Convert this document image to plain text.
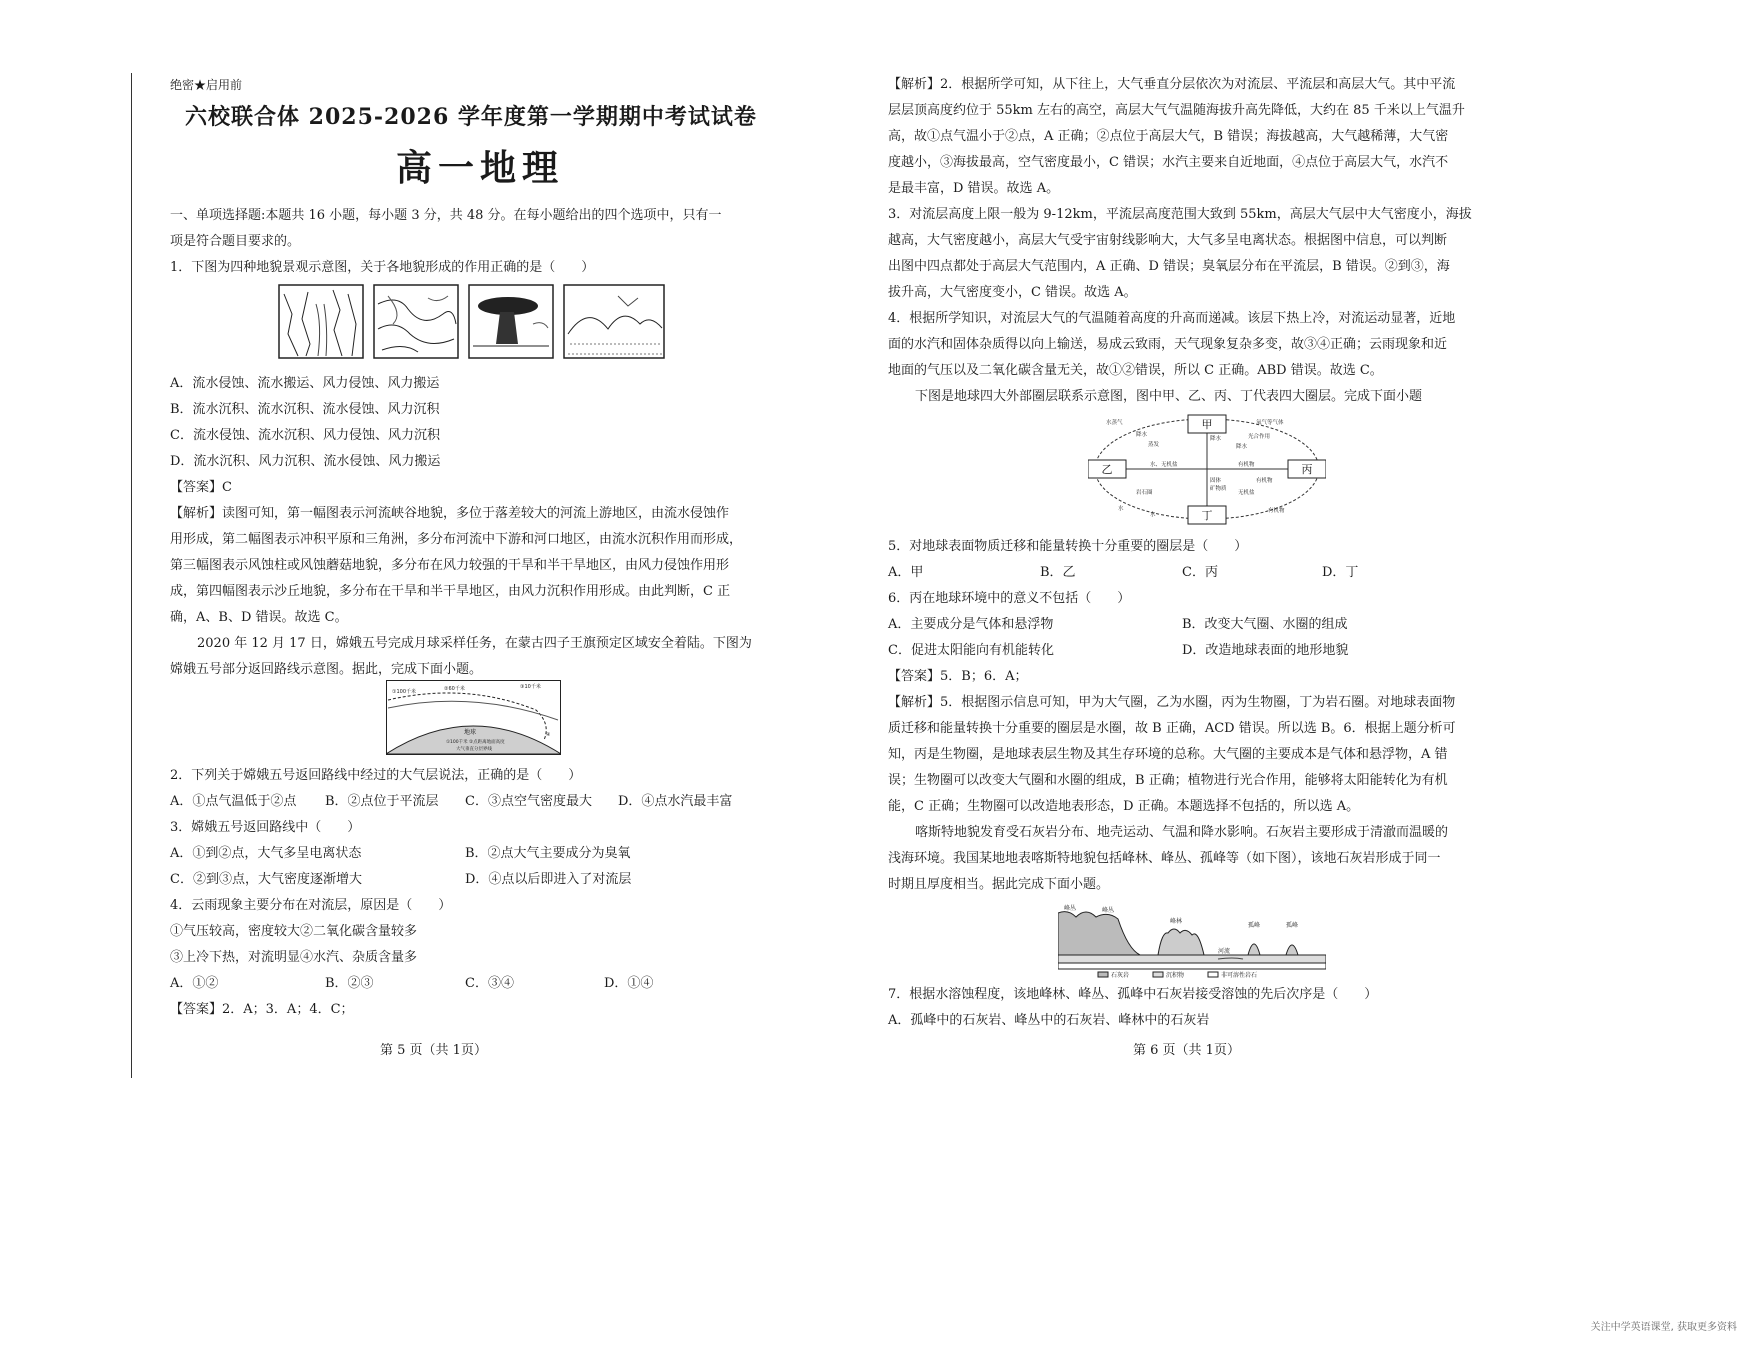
绝密★启用前
六校联合体 2025-2026 学年度第一学期期中考试试卷
高一地理
一、单项选择题:本题共 16 小题，每小题 3 分，共 48 分。在每小题给出的四个选项中，只有一
项是符合题目要求的。
1．下图为四种地貌景观示意图，关于各地貌形成的作用正确的是（　　）
A．流水侵蚀、流水搬运、风力侵蚀、风力搬运
B．流水沉积、流水沉积、流水侵蚀、风力沉积
C．流水侵蚀、流水沉积、风力侵蚀、风力沉积
D．流水沉积、风力沉积、流水侵蚀、风力搬运
【答案】C
【解析】读图可知，第一幅图表示河流峡谷地貌，多位于落差较大的河流上游地区，由流水侵蚀作
用形成，第二幅图表示冲积平原和三角洲，多分布河流中下游和河口地区，由流水沉积作用而形成，
第三幅图表示风蚀柱或风蚀蘑菇地貌，多分布在风力较强的干旱和半干旱地区，由风力侵蚀作用形
成，第四幅图表示沙丘地貌，多分布在干旱和半干旱地区，由风力沉积作用形成。由此判断，C 正
确，A、B、D 错误。故选 C。
2020 年 12 月 17 日，嫦娥五号完成月球采样任务，在蒙古四子王旗预定区域安全着陆。下图为
嫦娥五号部分返回路线示意图。据此，完成下面小题。
①100千米	②60千米	③10千米
④
地球
①100千米 ②点距离地面高度
大气垂直分层界线
2．下列关于嫦娥五号返回路线中经过的大气层说法，正确的是（　　）
A．①点气温低于②点 B．②点位于平流层 C．③点空气密度最大 D．④点水汽最丰富
3．嫦娥五号返回路线中（　　）
A．①到②点，大气多呈电离状态	B．②点大气主要成分为臭氧
C．②到③点，大气密度逐渐增大	D．④点以后即进入了对流层
4．云雨现象主要分布在对流层，原因是（　　）
①气压较高，密度较大②二氧化碳含量较多
③上冷下热，对流明显④水汽、杂质含量多
A．①②	B．②③	C．③④	D．①④
【答案】2．A；3．A；4．C；
第 5 页（共 1页）
【解析】2．根据所学可知，从下往上，大气垂直分层依次为对流层、平流层和高层大气。其中平流
层层顶高度约位于 55km 左右的高空，高层大气气温随海拔升高先降低，大约在 85 千米以上气温升
高，故①点气温小于②点，A 正确；②点位于高层大气，B 错误；海拔越高，大气越稀薄，大气密
度越小，③海拔最高，空气密度最小，C 错误；水汽主要来自近地面，④点位于高层大气，水汽不
是最丰富，D 错误。故选 A。
3．对流层高度上限一般为 9-12km，平流层高度范围大致到 55km，高层大气层中大气密度小，海拔
越高，大气密度越小，高层大气受宇宙射线影响大，大气多呈电离状态。根据图中信息，可以判断
出图中四点都处于高层大气范围内，A 正确、D 错误；臭氧层分布在平流层，B 错误。②到③，海
拔升高，大气密度变小，C 错误。故选 A。
4．根据所学知识，对流层大气的气温随着高度的升高而递减。该层下热上冷，对流运动显著，近地
面的水汽和固体杂质得以向上输送，易成云致雨，天气现象复杂多变，故③④正确；云雨现象和近
地面的气压以及二氧化碳含量无关，故①②错误，所以 C 正确。ABD 错误。故选 C。
下图是地球四大外部圈层联系示意图，图中甲、乙、丙、丁代表四大圈层。完成下面小题
甲
乙	丙
丁
水蒸气	氧气等气体
降水
降水
降水
蒸发
光合作用
水、无机盐	有机物
有机物
无机盐
有机物
岩石圈
水
固体
矿物质
水
5．对地球表面物质迁移和能量转换十分重要的圈层是（　　）
A．甲	B．乙	C．丙	D．丁
6．丙在地球环境中的意义不包括（　　）
A．主要成分是气体和悬浮物	B．改变大气圈、水圈的组成
C．促进太阳能向有机能转化	D．改造地球表面的地形地貌
【答案】5．B；6．A；
【解析】5．根据图示信息可知，甲为大气圈，乙为水圈，丙为生物圈，丁为岩石圈。对地球表面物
质迁移和能量转换十分重要的圈层是水圈，故 B 正确，ACD 错误。所以选 B。6．根据上题分析可
知，丙是生物圈，是地球表层生物及其生存环境的总称。大气圈的主要成本是气体和悬浮物，A 错
误；生物圈可以改变大气圈和水圈的组成，B 正确；植物进行光合作用，能够将太阳能转化为有机
能，C 正确；生物圈可以改造地表形态，D 正确。本题选择不包括的，所以选 A。
喀斯特地貌发育受石灰岩分布、地壳运动、气温和降水影响。石灰岩主要形成于清澈而温暖的
浅海环境。我国某地地表喀斯特地貌包括峰林、峰丛、孤峰等（如下图），该地石灰岩形成于同一
时期且厚度相当。据此完成下面小题。
峰丛	峰丛
峰林
孤峰	孤峰
河流
石灰岩	沉积物	非可溶性岩石
7．根据水溶蚀程度，该地峰林、峰丛、孤峰中石灰岩接受溶蚀的先后次序是（　　）
A．孤峰中的石灰岩、峰丛中的石灰岩、峰林中的石灰岩
第 6 页（共 1页）
关注中学英语课堂, 获取更多资料
